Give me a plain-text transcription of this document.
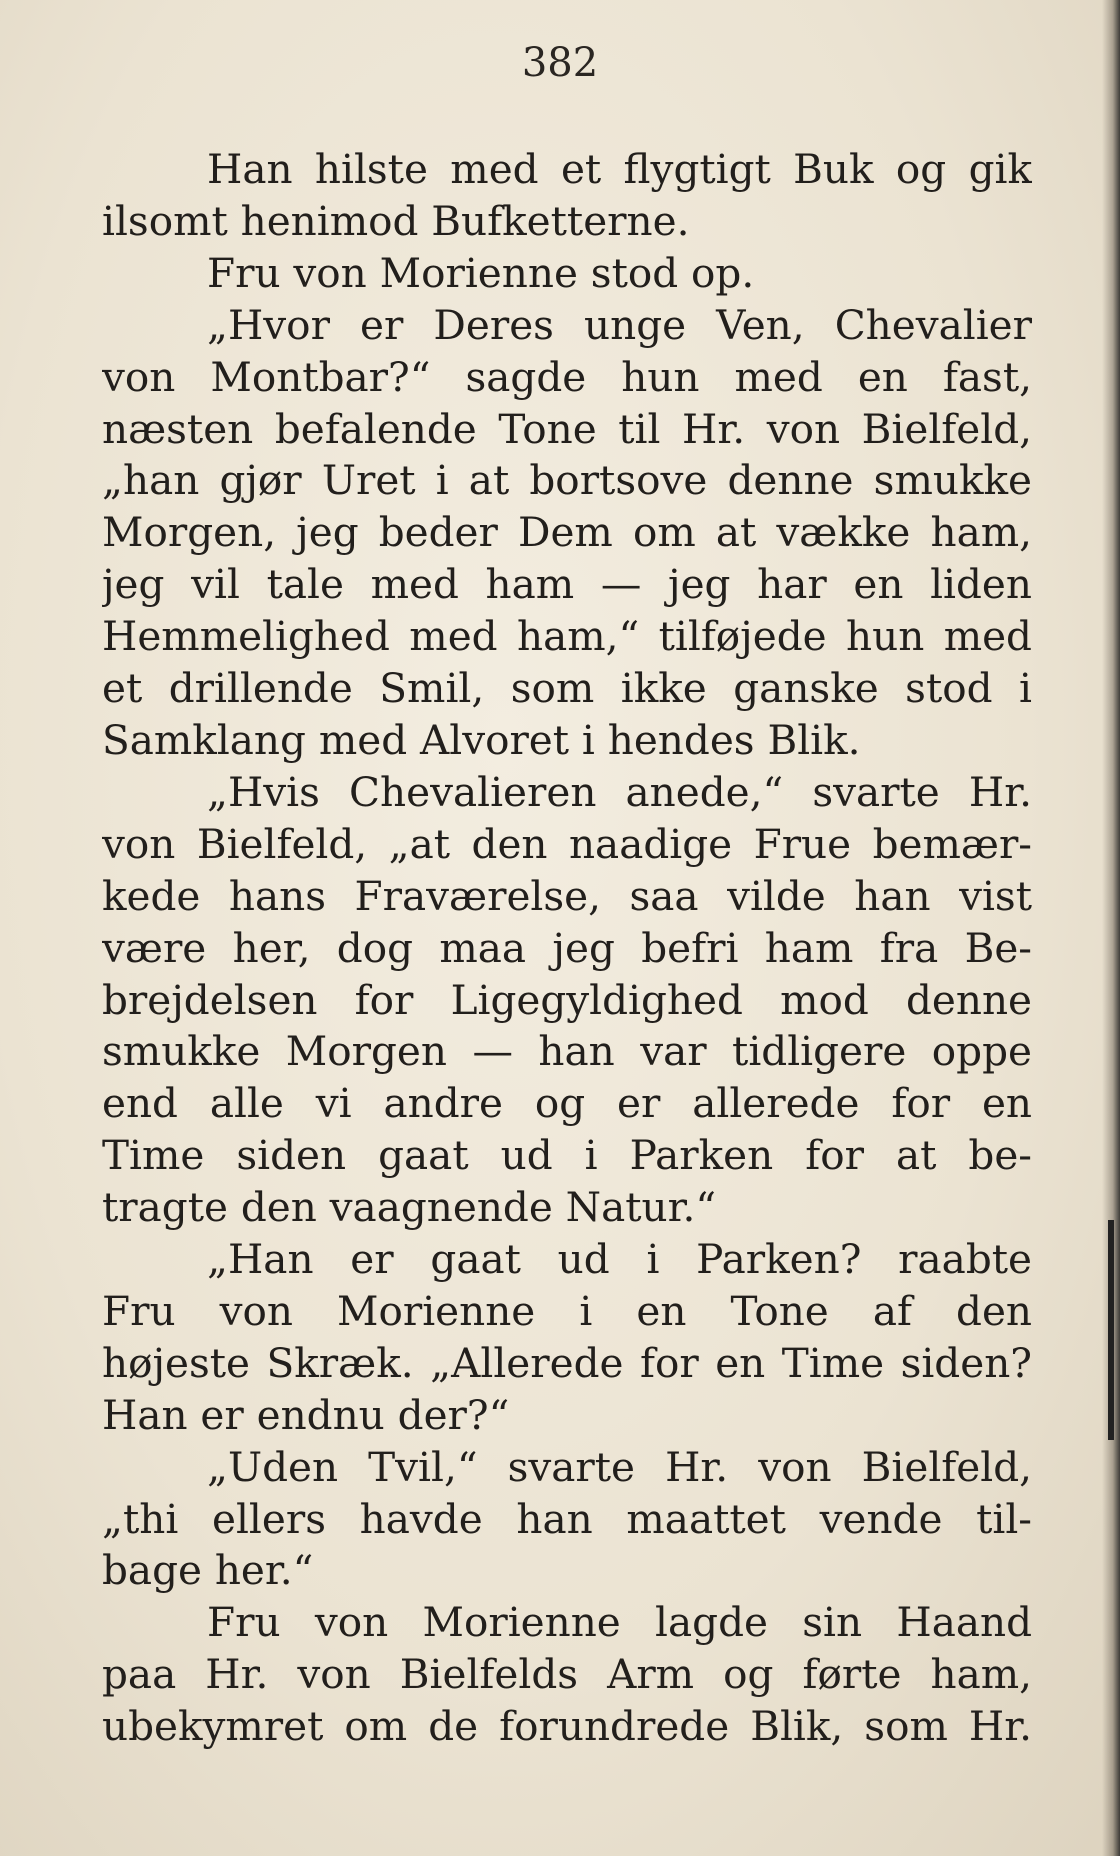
382
Han hilste med et flygtigt Buk og gik
ilsomt henimod Bufketterne.
Fru von Morienne stod op.
„Hvor er Deres unge Ven, Chevalier
von Montbar?“ sagde hun med en fast,
næsten befalende Tone til Hr. von Bielfeld,
„han gjør Uret i at bortsove denne smukke
Morgen, jeg beder Dem om at vække ham,
jeg vil tale med ham — jeg har en liden
Hemmelighed med ham,“ tilføjede hun med
et drillende Smil, som ikke ganske stod i
Samklang med Alvoret i hendes Blik.
„Hvis Chevalieren anede,“ svarte Hr.
von Bielfeld, „at den naadige Frue bemær-
kede hans Fraværelse, saa vilde han vist
være her, dog maa jeg befri ham fra Be-
brejdelsen for Ligegyldighed mod denne
smukke Morgen — han var tidligere oppe
end alle vi andre og er allerede for en
Time siden gaat ud i Parken for at be-
tragte den vaagnende Natur.“
„Han er gaat ud i Parken? raabte
Fru von Morienne i en Tone af den
højeste Skræk. „Allerede for en Time siden?
Han er endnu der?“
„Uden Tvil,“ svarte Hr. von Bielfeld,
„thi ellers havde han maattet vende til-
bage her.“
Fru von Morienne lagde sin Haand
paa Hr. von Bielfelds Arm og førte ham,
ubekymret om de forundrede Blik, som Hr.
